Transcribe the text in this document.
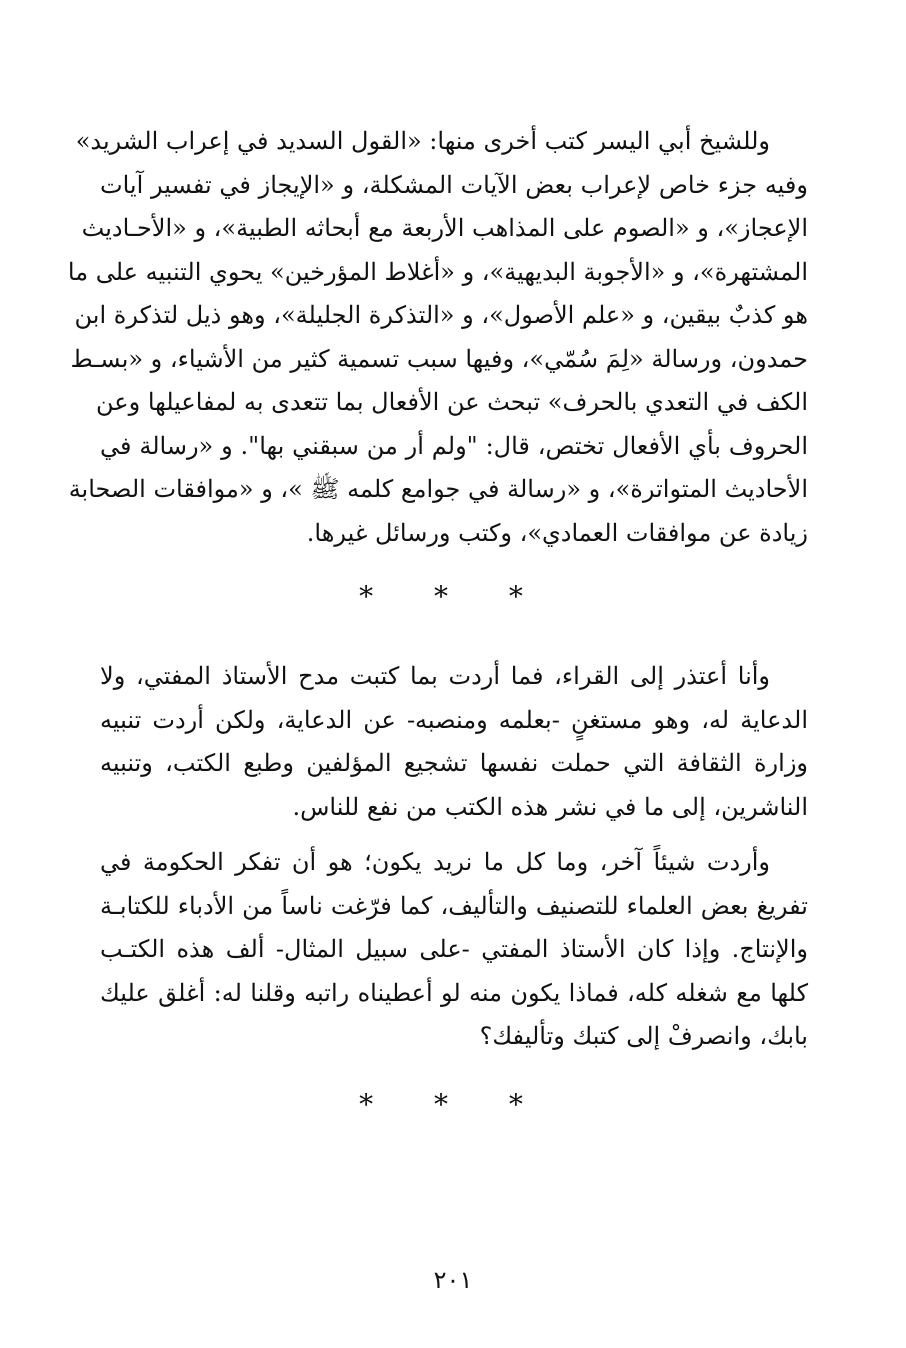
وللشيخ أبي اليسر كتب أخرى منها: «القول السديد في إعراب الشريد»
وفيه جزء خاص لإعراب بعض الآيات المشكلة، و «الإيجاز في تفسير آيات
الإعجاز»، و «الصوم على المذاهب الأربعة مع أبحاثه الطبية»، و «الأحـاديث
المشتهرة»، و «الأجوبة البديهية»، و «أغلاط المؤرخين» يحوي التنبيه على ما
هو كذبٌ بيقين، و «علم الأصول»، و «التذكرة الجليلة»، وهو ذيل لتذكرة ابن
حمدون، ورسالة «لِمَ سُمّي»، وفيها سبب تسمية كثير من الأشياء، و «بسـط
الكف في التعدي بالحرف» تبحث عن الأفعال بما تتعدى به لمفاعيلها وعن
الحروف بأي الأفعال تختص، قال: "ولم أر من سبقني بها". و «رسالة في
الأحاديث المتواترة»، و «رسالة في جوامع كلمه ﷺ »، و «موافقات الصحابة
زيادة عن موافقات العمادي»، وكتب ورسائل غيرها.

* * *

وأنا أعتذر إلى القراء، فما أردت بما كتبت مدح الأستاذ المفتي، ولا
الدعاية له، وهو مستغنٍ -بعلمه ومنصبه- عن الدعاية، ولكن أردت تنبيه
وزارة الثقافة التي حملت نفسها تشجيع المؤلفين وطبع الكتب، وتنبيه
الناشرين، إلى ما في نشر هذه الكتب من نفع للناس.

وأردت شيئاً آخر، وما كل ما نريد يكون؛ هو أن تفكر الحكومة في
تفريغ بعض العلماء للتصنيف والتأليف، كما فرّغت ناساً من الأدباء للكتابـة
والإنتاج. وإذا كان الأستاذ المفتي -على سبيل المثال- ألف هذه الكتـب
كلها مع شغله كله، فماذا يكون منه لو أعطيناه راتبه وقلنا له: أغلق عليك
بابك، وانصرفْ إلى كتبك وتأليفك؟

* * *
٢٠١
